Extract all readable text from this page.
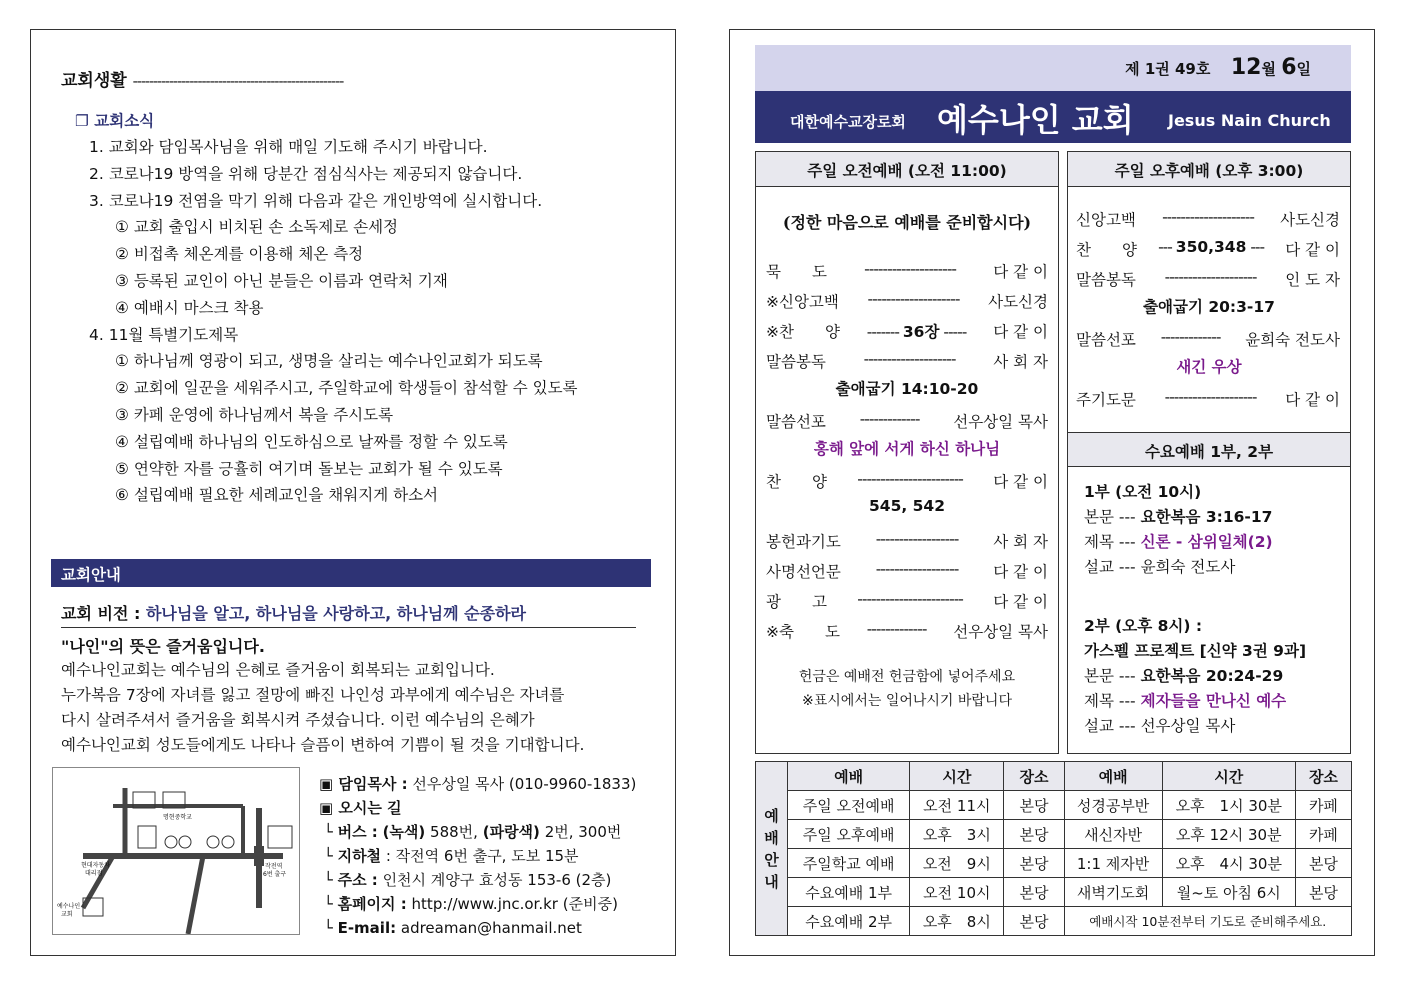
교회생활 ----------------------------------------------------
❐ 교회소식
1. 교회와 담임목사님을 위해 매일 기도해 주시기 바랍니다.
2. 코로나19 방역을 위해 당분간 점심식사는 제공되지 않습니다.
3. 코로나19 전염을 막기 위해 다음과 같은 개인방역에 실시합니다.
① 교회 출입시 비치된 손 소독제로 손세정
② 비접촉 체온계를 이용해 체온 측정
③ 등록된 교인이 아닌 분들은 이름과 연락처 기재
④ 예배시 마스크 착용
4. 11월 특별기도제목
① 하나님께 영광이 되고, 생명을 살리는 예수나인교회가 되도록
② 교회에 일꾼을 세워주시고, 주일학교에 학생들이 참석할 수 있도록
③ 카페 운영에 하나님께서 복을 주시도록
④ 설립예배 하나님의 인도하심으로 날짜를 정할 수 있도록
⑤ 연약한 자를 긍휼히 여기며 돌보는 교회가 될 수 있도록
⑥ 설립예배 필요한 세례교인을 채워지게 하소서
교회안내
교회 비전 : 하나님을 알고, 하나님을 사랑하고, 하나님께 순종하라
"나인"의 뜻은 즐거움입니다.
예수나인교회는 예수님의 은혜로 즐거움이 회복되는 교회입니다.
누가복음 7장에 자녀를 잃고 절망에 빠진 나인성 과부에게 예수님은 자녀를
다시 살려주셔서 즐거움을 회복시켜 주셨습니다. 이런 예수님의 은혜가
예수나인교회 성도들에게도 나타나 슬픔이 변하여 기쁨이 될 것을 기대합니다.
명현중학교
현대자동차
대리점
작전역
6번 출구
예수나인
교회
▣ 담임목사 : 선우상일 목사 (010-9960-1833)
▣ 오시는 길
└ 버스 : (녹색) 588번, (파랑색) 2번, 300번
└ 지하철 : 작전역 6번 출구, 도보 15분
└ 주소 : 인천시 계양구 효성동 153-6 (2층)
└ 홈페이지 : http://www.jnc.or.kr (준비중)
└ E-mail: adreaman@hanmail.net
제 1권 49호 12월 6일
대한예수교장로회 예수나인 교회 Jesus Nain Church
주일 오전예배 (오전 11:00)
(정한 마음으로 예배를 준비합시다)
묵　　도	--------------------	다 같 이
※신앙고백	--------------------	사도신경
※찬　　양	------- 36장 -----	다 같 이
말씀봉독	--------------------	사 회 자
말씀선포	-------------	선우상일 목사
찬　　양	-----------------------	다 같 이
봉헌과기도	------------------	사 회 자
사명선언문	------------------	다 같 이
광　　고	-----------------------	다 같 이
※축　　도	-------------	선우상일 목사
출애굽기 14:10-20
홍해 앞에 서게 하신 하나님
545, 542
헌금은 예배전 헌금함에 넣어주세요
※표시에서는 일어나시기 바랍니다
주일 오후예배 (오후 3:00)
신앙고백	--------------------	사도신경
찬　　양	--- 350,348 ---	다 같 이
말씀봉독	--------------------	인 도 자
말씀선포	-------------	윤희숙 전도사
주기도문	--------------------	다 같 이
출애굽기 20:3-17
새긴 우상
수요예배 1부, 2부
1부 (오전 10시)
본문 --- 요한복음 3:16-17
제목 --- 신론 - 삼위일체(2)
설교 --- 윤희숙 전도사
2부 (오후 8시) :
가스펠 프로젝트 [신약 3권 9과]
본문 --- 요한복음 20:24-29
제목 --- 제자들을 만나신 예수
설교 --- 선우상일 목사
예
배
안
내	예배	시간	장소	예배	시간	장소
	주일 오전예배	오전 11시	본당	성경공부반	오후　1시 30분	카페
	주일 오후예배	오후　3시	본당	새신자반	오후 12시 30분	카페
	주일학교 예배	오전　9시	본당	1:1 제자반	오후　4시 30분	본당
	수요예배 1부	오전 10시	본당	새벽기도회	월~토 아침 6시	본당
	수요예배 2부	오후　8시	본당	예배시작 10분전부터 기도로 준비해주세요.		
